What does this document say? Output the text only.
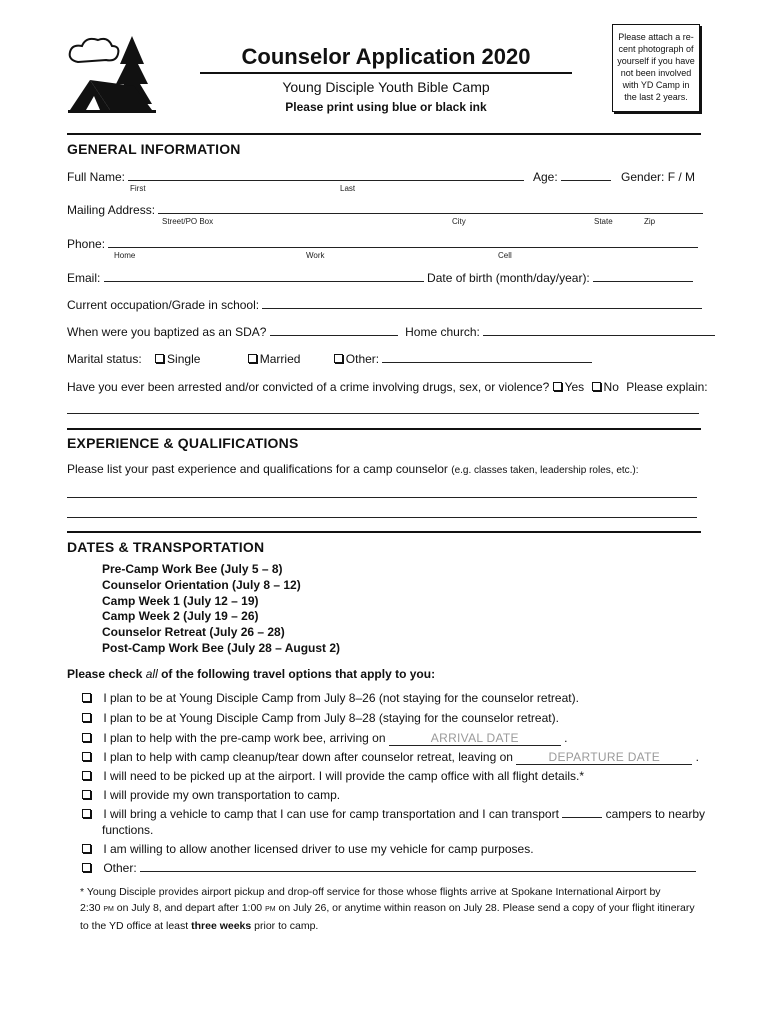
Counselor Application 2020
Young Disciple Youth Bible Camp
Please print using blue or black ink
Please attach a re-cent photograph of yourself if you have not been involved with YD Camp in the last 2 years.
GENERAL INFORMATION
Full Name:
First	Last
Age:	Gender: F / M
Mailing Address:
Street/PO Box	City	State	Zip
Phone:
Home	Work	Cell
Email:	Date of birth (month/day/year):
Current occupation/Grade in school:
When were you baptized as an SDA?	Home church:
Marital status: Single	Married	Other:
Have you ever been arrested and/or convicted of a crime involving drugs, sex, or violence? Yes No Please explain:
EXPERIENCE & QUALIFICATIONS
Please list your past experience and qualifications for a camp counselor (e.g. classes taken, leadership roles, etc.):
DATES & TRANSPORTATION
Pre-Camp Work Bee (July 5 – 8)
Counselor Orientation (July 8 – 12)
Camp Week 1 (July 12 – 19)
Camp Week 2 (July 19 – 26)
Counselor Retreat (July 26 – 28)
Post-Camp Work Bee (July 28 – August 2)
Please check all of the following travel options that apply to you:
I plan to be at Young Disciple Camp from July 8–26 (not staying for the counselor retreat).
I plan to be at Young Disciple Camp from July 8–28 (staying for the counselor retreat).
I plan to help with the pre-camp work bee, arriving on	ARRIVAL DATE	.
I plan to help with camp cleanup/tear down after counselor retreat, leaving on	DEPARTURE DATE	.
I will need to be picked up at the airport. I will provide the camp office with all flight details.*
I will provide my own transportation to camp.
I will bring a vehicle to camp that I can use for camp transportation and I can transport	campers to nearby
functions.
I am willing to allow another licensed driver to use my vehicle for camp purposes.
Other:
* Young Disciple provides airport pickup and drop-off service for those whose flights arrive at Spokane International Airport by
2:30 PM on July 8, and depart after 1:00 PM on July 26, or anytime within reason on July 28. Please send a copy of your flight itinerary
to the YD office at least three weeks prior to camp.
